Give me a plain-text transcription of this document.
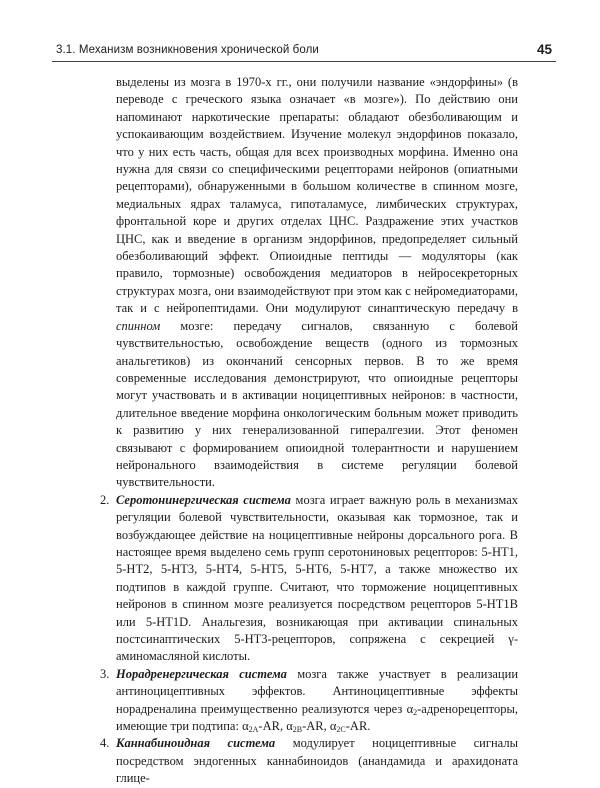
3.1. Механизм возникновения хронической боли	45

выделены из мозга в 1970-х гг., они получили название «эндорфины» (в переводе с греческого языка означает «в мозге»). По действию они напоминают наркотические препараты: обладают обезболивающим и успокаивающим воздействием. Изучение молекул эндорфинов показало, что у них есть часть, общая для всех производных морфина. Именно она нужна для связи со специфическими рецепторами нейронов (опиатными рецепторами), обнаруженными в большом количестве в спинном мозге, медиальных ядрах таламуса, гипоталамусе, лимбических структурах, фронтальной коре и других отделах ЦНС. Раздражение этих участков ЦНС, как и введение в организм эндорфинов, предопределяет сильный обезболивающий эффект. Опиоидные пептиды — модуляторы (как правило, тормозные) освобождения медиаторов в нейросекреторных структурах мозга, они взаимодействуют при этом как с нейромедиаторами, так и с нейропептидами. Они модулируют синаптическую передачу в спинном мозге: передачу сигналов, связанную с болевой чувствительностью, освобождение веществ (одного из тормозных анальгетиков) из окончаний сенсорных первов. В то же время современные исследования демонстрируют, что опиоидные рецепторы могут участвовать и в активации ноцицептивных нейронов: в частности, длительное введение морфина онкологическим больным может приводить к развитию у них генерализованной гипералгезии. Этот феномен связывают с формированием опиоидной толерантности и нарушением нейронального взаимодействия в системе регуляции болевой чувствительности.

2. Серотонинергическая система мозга играет важную роль в механизмах регуляции болевой чувствительности, оказывая как тормозное, так и возбуждающее действие на ноцицептивные нейроны дорсального рога. В настоящее время выделено семь групп серотониновых рецепторов: 5-НТ1, 5-НТ2, 5-НТ3, 5-НТ4, 5-НТ5, 5-НТ6, 5-НТ7, а также множество их подтипов в каждой группе. Считают, что торможение ноцицептивных нейронов в спинном мозге реализуется посредством рецепторов 5-НТ1В или 5-НТ1D. Анальгезия, возникающая при активации спинальных постсинаптических 5-НТ3-рецепторов, сопряжена с секрецией γ-аминомасляной кислоты.

3. Норадренергическая система мозга также участвует в реализации антиноцицептивных эффектов. Антиноцицептивные эффекты норадреналина преимущественно реализуются через $\alpha_2$-адренорецепторы, имеющие три подтипа: $\alpha_{2A}-AR$, $\alpha_{2B}-AR$, $\alpha_{2C}-AR$.

4. Каннабиноидная система модулирует ноцицептивные сигналы посредством эндогенных каннабиноидов (анандамида и арахидоната глице-
